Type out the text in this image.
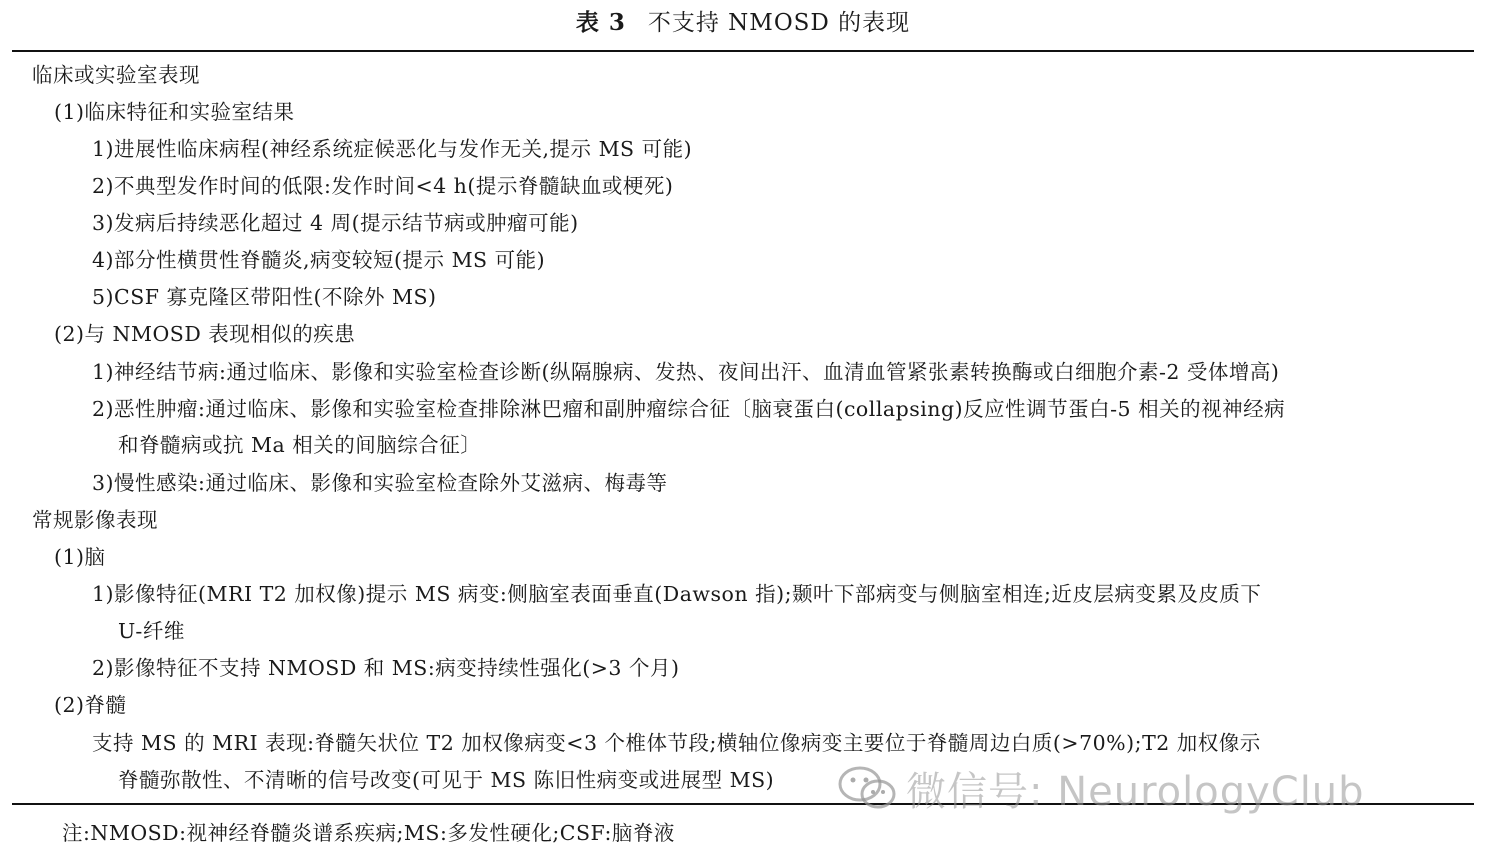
表 3 不支持 NMOSD 的表现
临床或实验室表现
(1)临床特征和实验室结果
1)进展性临床病程(神经系统症候恶化与发作无关,提示 MS 可能)
2)不典型发作时间的低限:发作时间<4 h(提示脊髓缺血或梗死)
3)发病后持续恶化超过 4 周(提示结节病或肿瘤可能)
4)部分性横贯性脊髓炎,病变较短(提示 MS 可能)
5)CSF 寡克隆区带阳性(不除外 MS)
(2)与 NMOSD 表现相似的疾患
1)神经结节病:通过临床、影像和实验室检查诊断(纵隔腺病、发热、夜间出汗、血清血管紧张素转换酶或白细胞介素-2 受体增高)
2)恶性肿瘤:通过临床、影像和实验室检查排除淋巴瘤和副肿瘤综合征〔脑衰蛋白(collapsing)反应性调节蛋白-5 相关的视神经病
和脊髓病或抗 Ma 相关的间脑综合征〕
3)慢性感染:通过临床、影像和实验室检查除外艾滋病、梅毒等
常规影像表现
(1)脑
1)影像特征(MRI T2 加权像)提示 MS 病变:侧脑室表面垂直(Dawson 指);颞叶下部病变与侧脑室相连;近皮层病变累及皮质下
U-纤维
2)影像特征不支持 NMOSD 和 MS:病变持续性强化(>3 个月)
(2)脊髓
支持 MS 的 MRI 表现:脊髓矢状位 T2 加权像病变<3 个椎体节段;横轴位像病变主要位于脊髓周边白质(>70%);T2 加权像示
脊髓弥散性、不清晰的信号改变(可见于 MS 陈旧性病变或进展型 MS)
注:NMOSD:视神经脊髓炎谱系疾病;MS:多发性硬化;CSF:脑脊液
微信号: NeurologyClub
